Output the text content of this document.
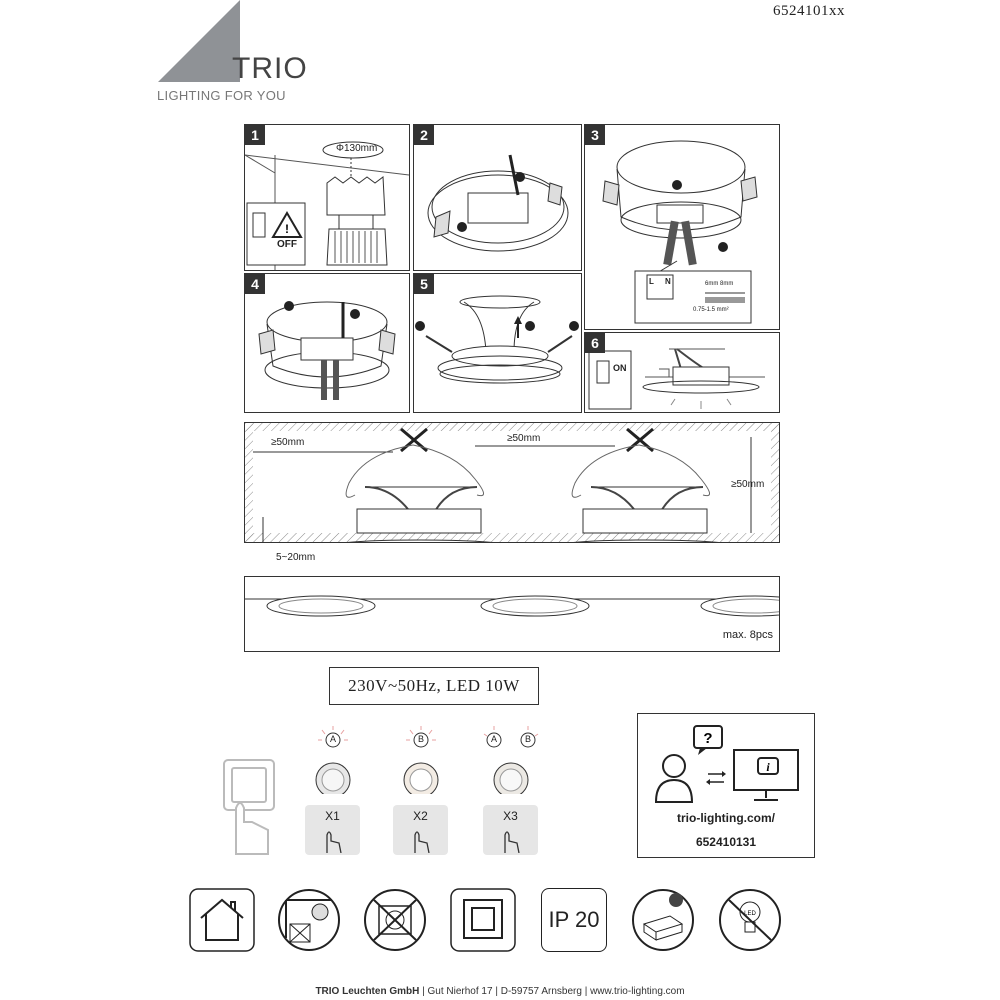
6524101xx
TRIO
LIGHTING FOR YOU
!
1
Φ130mm
OFF
2	3
L N	6mm 8mm
0.75-1.5 mm²
4	5
6
ON
≥50mm	≥50mm
≥50mm
5~20mm
max. 8pcs
230V~50Hz, LED 10W
A
X1
B
X2
A	B
X3
?
i
trio-lighting.com/
652410131
IP 20	LED
TRIO Leuchten GmbH | Gut Nierhof 17 | D-59757 Arnsberg | www.trio-lighting.com
